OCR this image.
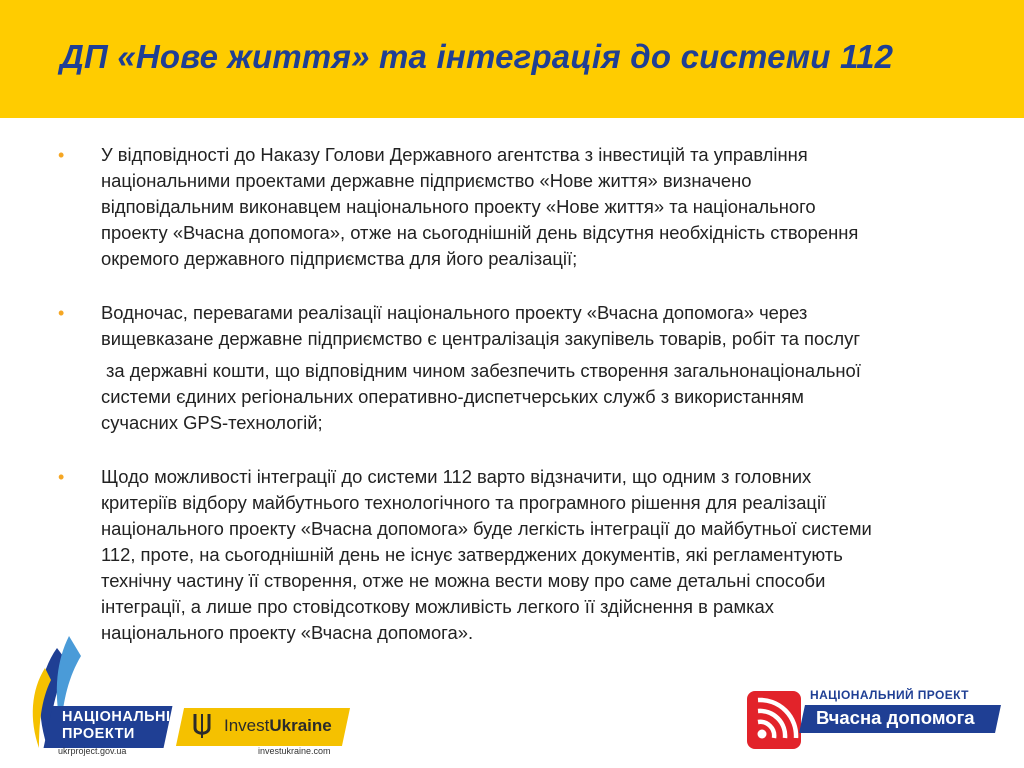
ДП «Нове життя» та інтеграція до системи 112
• У відповідності до Наказу Голови Державного агентства з інвестицій та управління
національними проектами державне підприємство «Нове життя» визначено
відповідальним виконавцем національного проекту «Нове життя» та національного
проекту «Вчасна допомога», отже на сьогоднішній день відсутня необхідність створення
окремого державного підприємства для його реалізації;
• Водночас, перевагами реалізації національного проекту «Вчасна допомога» через
вищевказане державне підприємство є централізація закупівель товарів, робіт та послуг
за державні кошти, що відповідним чином забезпечить створення загальнонаціональної
системи єдиних регіональних оперативно-диспетчерських служб з використанням
сучасних GPS-технологій;
• Щодо можливості інтеграції до системи 112 варто відзначити, що одним з головних
критеріїв відбору майбутнього технологічного та програмного рішення для реалізації
національного проекту «Вчасна допомога» буде легкість інтеграції до майбутньої системи
112, проте, на сьогоднішній день не існує затверджених документів, які регламентують
технічну частину її створення, отже не можна вести мову про саме детальні способи
інтеграції, а лише про стовідсоткову можливість легкого її здійснення в рамках
національного проекту «Вчасна допомога».
НАЦІОНАЛЬНІ
ПРОЕКТИ
ukrproject.gov.ua
InvestUkraine
investukraine.com
НАЦІОНАЛЬНИЙ ПРОЕКТ
Вчасна допомога
